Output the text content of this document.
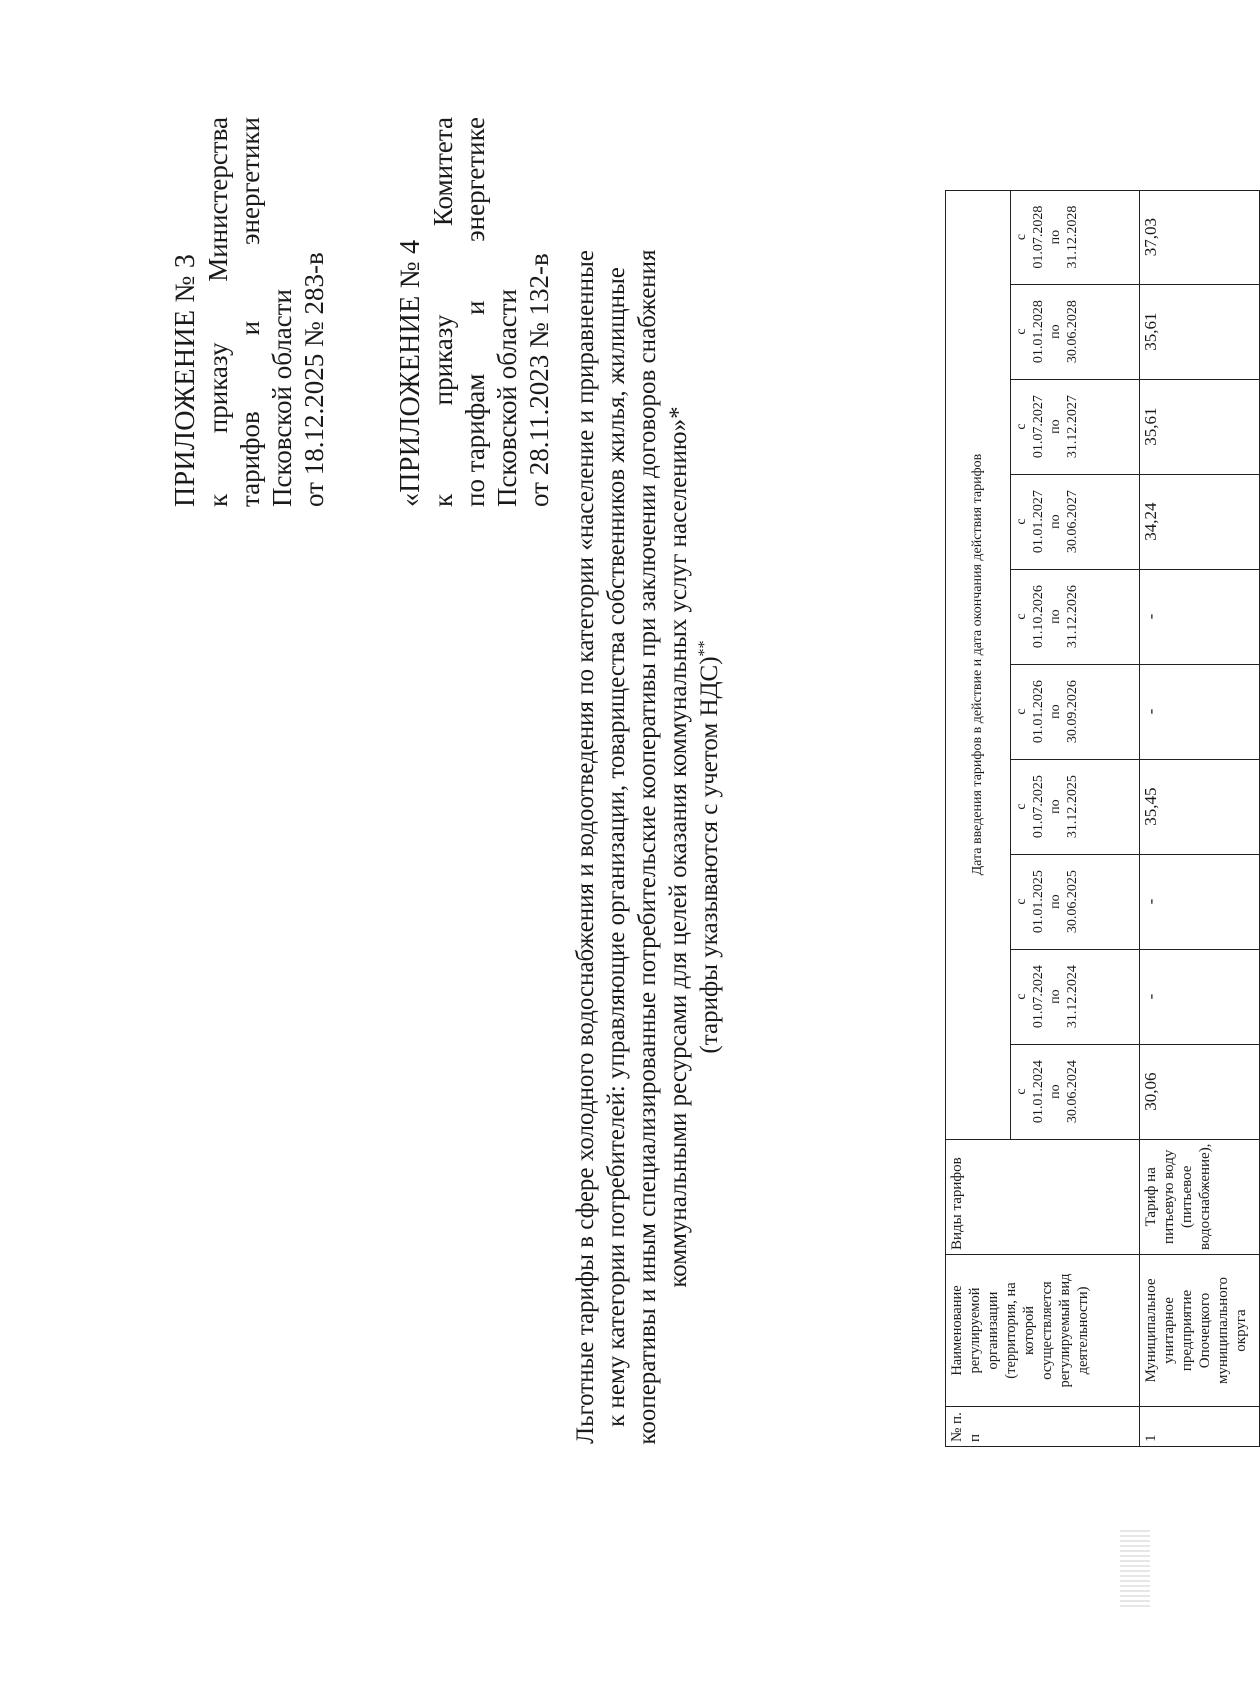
ПРИЛОЖЕНИЕ № 3 к
приказу
Министерства
тарифов
и
энергетики
Псковской области от 18.12.2025 № 283-в «ПРИЛОЖЕНИЕ № 4 к
приказу
Комитета
по тарифам
и
энергетике
Псковской области от 28.11.2023 № 132-в Льготные тарифы в сфере холодного водоснабжения и водоотведения по категории «население и приравненные к нему категории потребителей: управляющие организации, товарищества собственников жилья, жилищные кооперативы и иным специализированные потребительские кооперативы при заключении договоров снабжения коммунальными ресурсами для целей оказания коммунальных услуг населению»* (тарифы указываются с учетом НДС)**
№ п. п	Наименование регулируемой организации (территория, на которой осуществляется регулируемый вид деятельности)	Виды тарифов	Дата введения тарифов в действие и дата окончания действия тарифов									

			с 01.01.2024 по 30.06.2024	с 01.07.2024 по 31.12.2024	с 01.01.2025 по 30.06.2025	с 01.07.2025 по 31.12.2025	с 01.01.2026 по 30.09.2026	с 01.10.2026 по 31.12.2026	с 01.01.2027 по 30.06.2027	с 01.07.2027 по 31.12.2027	с 01.01.2028 по 30.06.2028	с 01.07.2028 по 31.12.2028

1	Муниципальное унитарное предприятие Опочецкого муниципального округа	Тариф на питьевую воду (питьевое водоснабжение),	30,06	-	-	35,45	-	-	34,24	35,61	35,61	37,03
